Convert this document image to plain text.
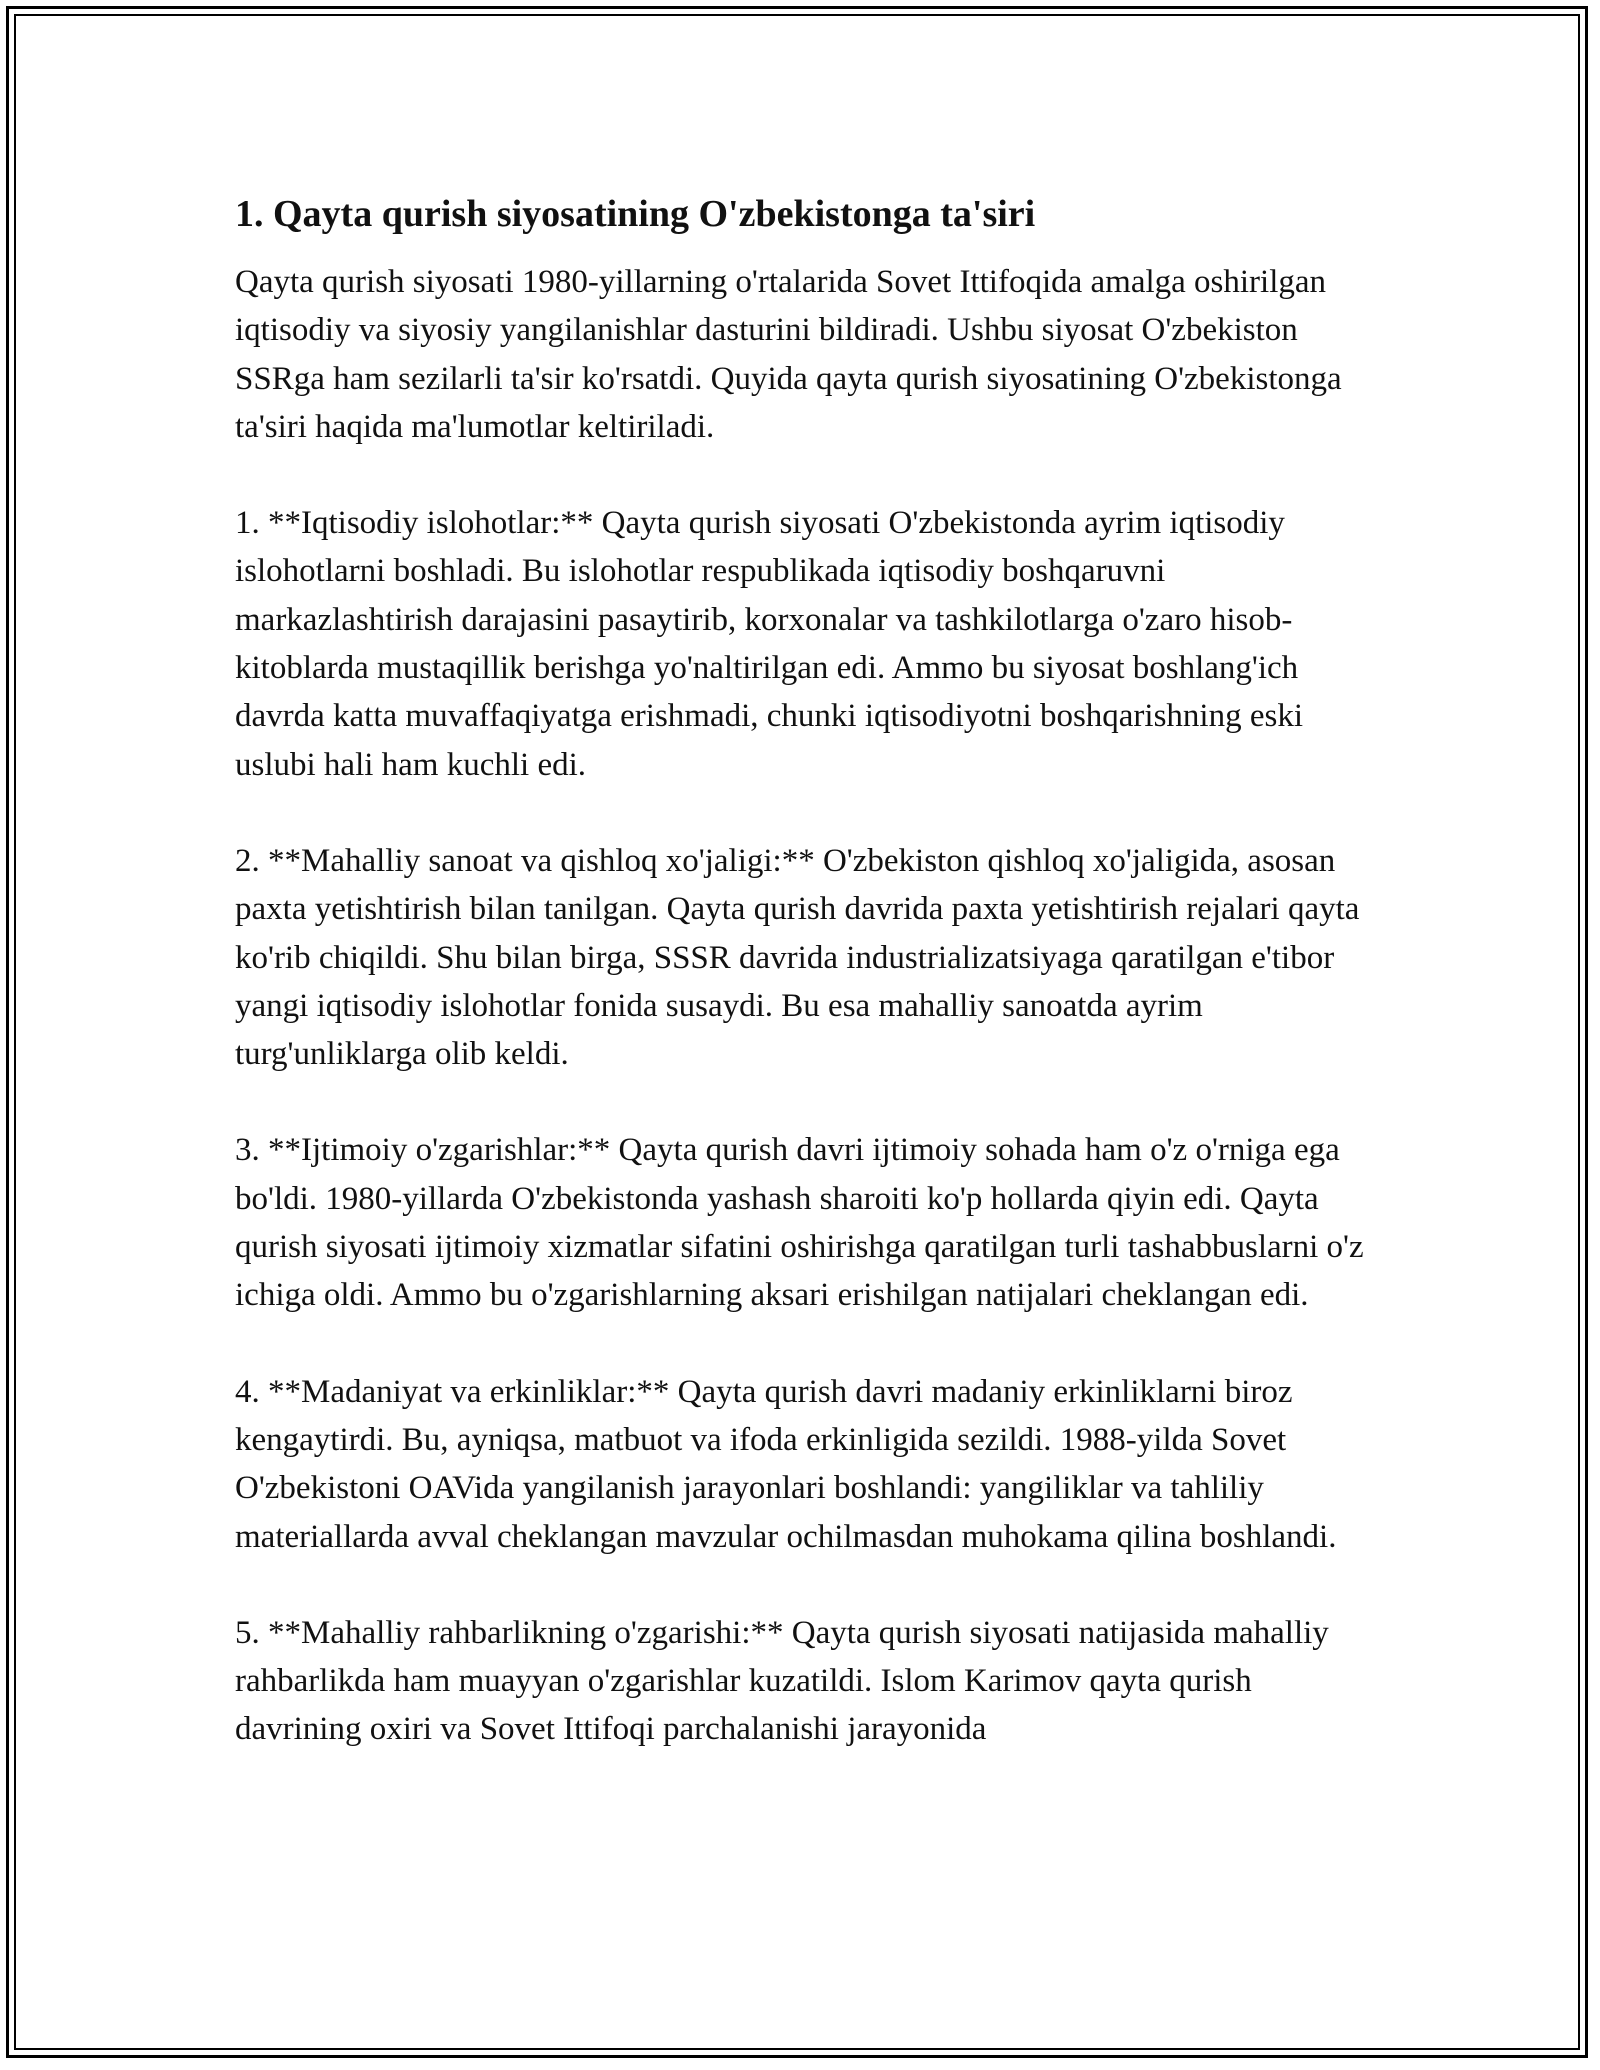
1. Qayta qurish siyosatining O'zbekistonga ta'siri

Qayta qurish siyosati 1980-yillarning o'rtalarida Sovet Ittifoqida amalga oshirilgan iqtisodiy va siyosiy yangilanishlar dasturini bildiradi. Ushbu siyosat O'zbekiston SSRga ham sezilarli ta'sir ko'rsatdi. Quyida qayta qurish siyosatining O'zbekistonga ta'siri haqida ma'lumotlar keltiriladi.

1. **Iqtisodiy islohotlar:** Qayta qurish siyosati O'zbekistonda ayrim iqtisodiy islohotlarni boshladi. Bu islohotlar respublikada iqtisodiy boshqaruvni markazlashtirish darajasini pasaytirib, korxonalar va tashkilotlarga o'zaro hisob-kitoblarda mustaqillik berishga yo'naltirilgan edi. Ammo bu siyosat boshlang'ich davrda katta muvaffaqiyatga erishmadi, chunki iqtisodiyotni boshqarishning eski uslubi hali ham kuchli edi.

2. **Mahalliy sanoat va qishloq xo'jaligi:** O'zbekiston qishloq xo'jaligida, asosan paxta yetishtirish bilan tanilgan. Qayta qurish davrida paxta yetishtirish rejalari qayta ko'rib chiqildi. Shu bilan birga, SSSR davrida industrializatsiyaga qaratilgan e'tibor yangi iqtisodiy islohotlar fonida susaydi. Bu esa mahalliy sanoatda ayrim turg'unliklarga olib keldi.

3. **Ijtimoiy o'zgarishlar:** Qayta qurish davri ijtimoiy sohada ham o'z o'rniga ega bo'ldi. 1980-yillarda O'zbekistonda yashash sharoiti ko'p hollarda qiyin edi. Qayta qurish siyosati ijtimoiy xizmatlar sifatini oshirishga qaratilgan turli tashabbuslarni o'z ichiga oldi. Ammo bu o'zgarishlarning aksari erishilgan natijalari cheklangan edi.

4. **Madaniyat va erkinliklar:** Qayta qurish davri madaniy erkinliklarni biroz kengaytirdi. Bu, ayniqsa, matbuot va ifoda erkinligida sezildi. 1988-yilda Sovet O'zbekistoni OAVida yangilanish jarayonlari boshlandi: yangiliklar va tahliliy materiallarda avval cheklangan mavzular ochilmasdan muhokama qilina boshlandi.

5. **Mahalliy rahbarlikning o'zgarishi:** Qayta qurish siyosati natijasida mahalliy rahbarlikda ham muayyan o'zgarishlar kuzatildi. Islom Karimov qayta qurish davrining oxiri va Sovet Ittifoqi parchalanishi jarayonida
